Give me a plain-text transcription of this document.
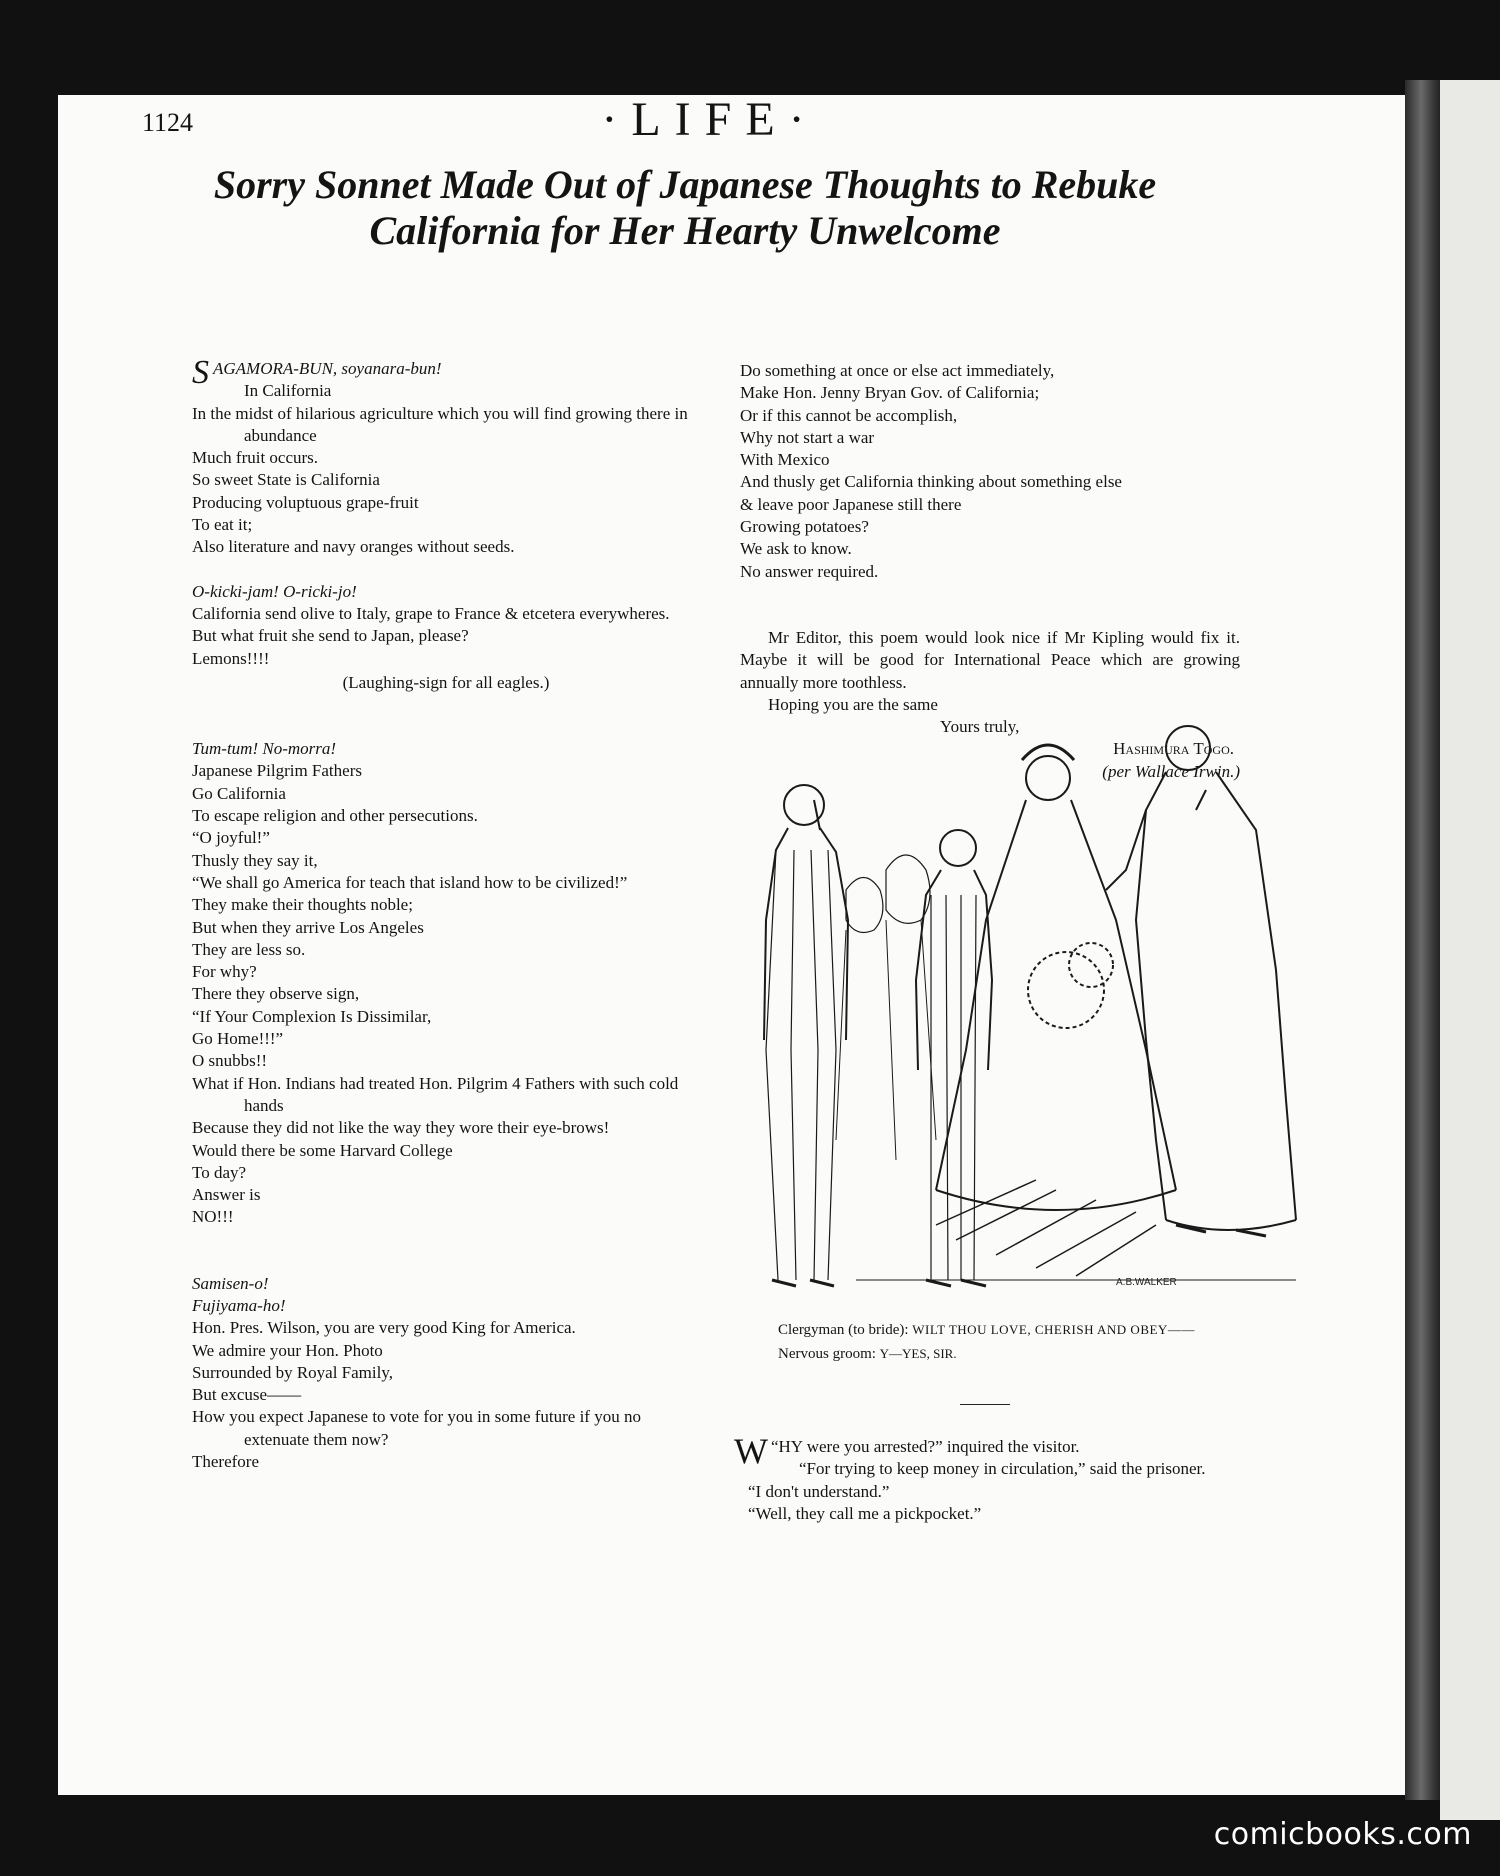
1124	·LIFE·
Sorry Sonnet Made Out of Japanese Thoughts to Rebuke
California for Her Hearty Unwelcome

SAGAMORA-BUN, soyanara-bun!

In California

In the midst of hilarious agriculture which you will find growing there in abundance

Much fruit occurs.

So sweet State is California

Producing voluptuous grape-fruit

To eat it;

Also literature and navy oranges without seeds.

O-kicki-jam! O-ricki-jo!

California send olive to Italy, grape to France & etcetera everywheres.

But what fruit she send to Japan, please?

Lemons!!!!

(Laughing-sign for all eagles.)

Tum-tum! No-morra!

Japanese Pilgrim Fathers

Go California

To escape religion and other persecutions.

“O joyful!”

Thusly they say it,

“We shall go America for teach that island how to be civilized!”

They make their thoughts noble;

But when they arrive Los Angeles

They are less so.

For why?

There they observe sign,

“If Your Complexion Is Dissimilar,

Go Home!!!”

O snubbs!!

What if Hon. Indians had treated Hon. Pilgrim 4 Fathers with such cold hands

Because they did not like the way they wore their eye-brows!

Would there be some Harvard College

To day?

Answer is

NO!!!

Samisen-o!

Fujiyama-ho!

Hon. Pres. Wilson, you are very good King for America.

We admire your Hon. Photo

Surrounded by Royal Family,

But excuse——

How you expect Japanese to vote for you in some future if you no extenuate them now?

Therefore

Do something at once or else act immediately,

Make Hon. Jenny Bryan Gov. of California;

Or if this cannot be accomplish,

Why not start a war

With Mexico

And thusly get California thinking about something else

& leave poor Japanese still there

Growing potatoes?

We ask to know.

No answer required.

Mr Editor, this poem would look nice if Mr Kipling would fix it. Maybe it will be good for International Peace which are growing annually more toothless.

Hoping you are the same

Yours truly,

Hashimura Togo.

(per Wallace Irwin.)

A.B.WALKER

Clergyman (to bride): WILT THOU LOVE, CHERISH AND OBEY——

Nervous groom: Y—YES, SIR.

“
W HY were you arrested?” inquired the visitor.

“For trying to keep money in circulation,” said the prisoner.

“I don't understand.”

“Well, they call me a pickpocket.”

comicbooks.com
